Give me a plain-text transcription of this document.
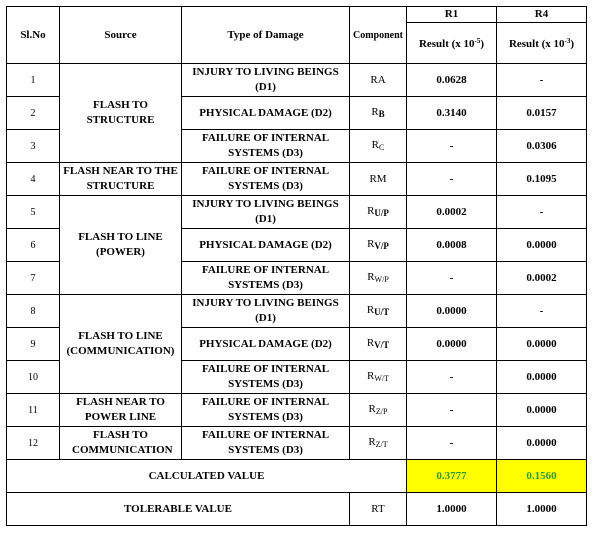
Sl.No	Source	Type of Damage	Component	R1	R4
				Result (x $10^{-5}$)	Result (x $10^{-3}$)
1	FLASH TO STRUCTURE	INJURY TO LIVING BEINGS (D1)	RA	0.0628	-
2		PHYSICAL DAMAGE (D2)	RB	0.3140	0.0157
3		FAILURE OF INTERNAL SYSTEMS (D3)	$R_C$	-	0.0306
4	FLASH NEAR TO THE STRUCTURE	FAILURE OF INTERNAL SYSTEMS (D3)	RM	-	0.1095
5	FLASH TO LINE (POWER)	INJURY TO LIVING BEINGS (D1)	RU/P	0.0002	-
6		PHYSICAL DAMAGE (D2)	RV/P	0.0008	0.0000
7		FAILURE OF INTERNAL SYSTEMS (D3)	$R_{W/P}$	-	0.0002
8	FLASH TO LINE (COMMUNICATION)	INJURY TO LIVING BEINGS (D1)	RU/T	0.0000	-
9		PHYSICAL DAMAGE (D2)	RV/T	0.0000	0.0000
10		FAILURE OF INTERNAL SYSTEMS (D3)	$R_{W/T}$	-	0.0000
11	FLASH NEAR TO POWER LINE	FAILURE OF INTERNAL SYSTEMS (D3)	$R_{Z/P}$	-	0.0000
12	FLASH TO COMMUNICATION	FAILURE OF INTERNAL SYSTEMS (D3)	$R_{Z/T}$	-	0.0000
CALCULATED VALUE				0.3777	0.1560
TOLERABLE VALUE			RT	1.0000	1.0000
